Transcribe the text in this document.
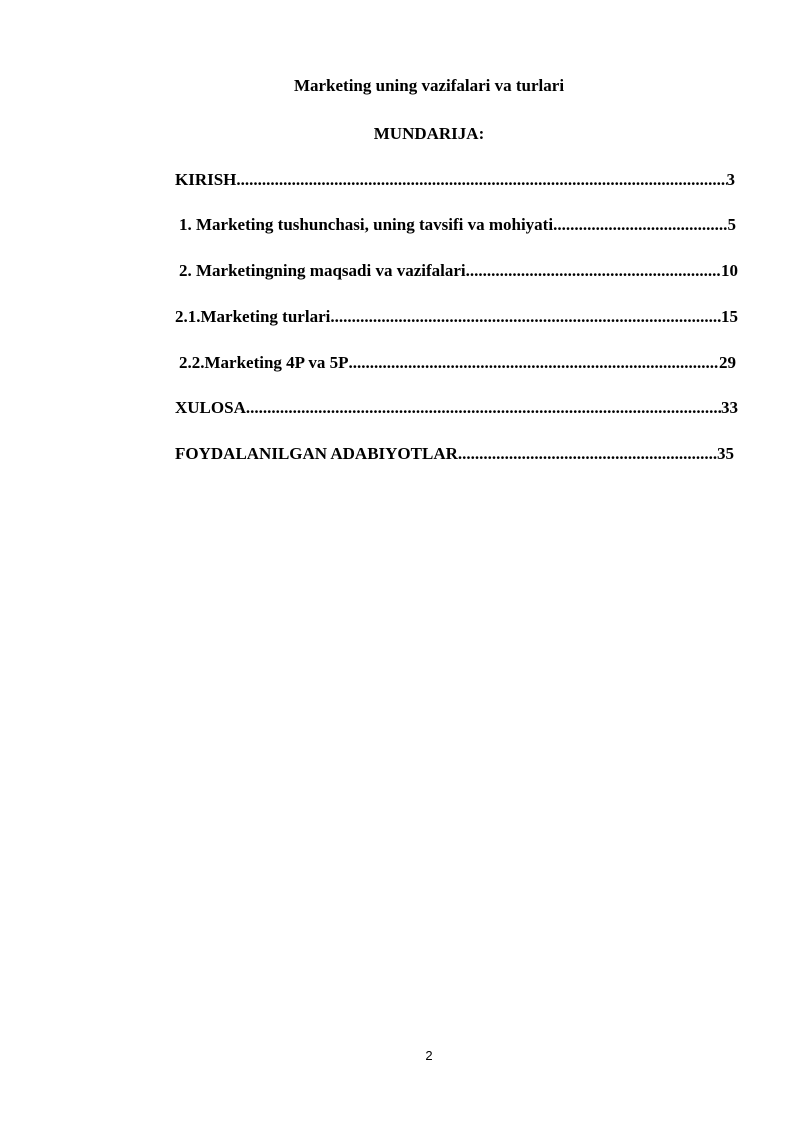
Marketing uning vazifalari va turlari
MUNDARIJA:
KIRISH .....	3
1. Marketing tushunchasi, uning tavsifi va mohiyati .....	5
2. Marketingning maqsadi va vazifalari .....	10
2.1.Marketing turlari .....	15
2.2.Marketing 4P va 5P .....	29
XULOSA .....	33
FOYDALANILGAN ADABIYOTLAR .....	35
2
